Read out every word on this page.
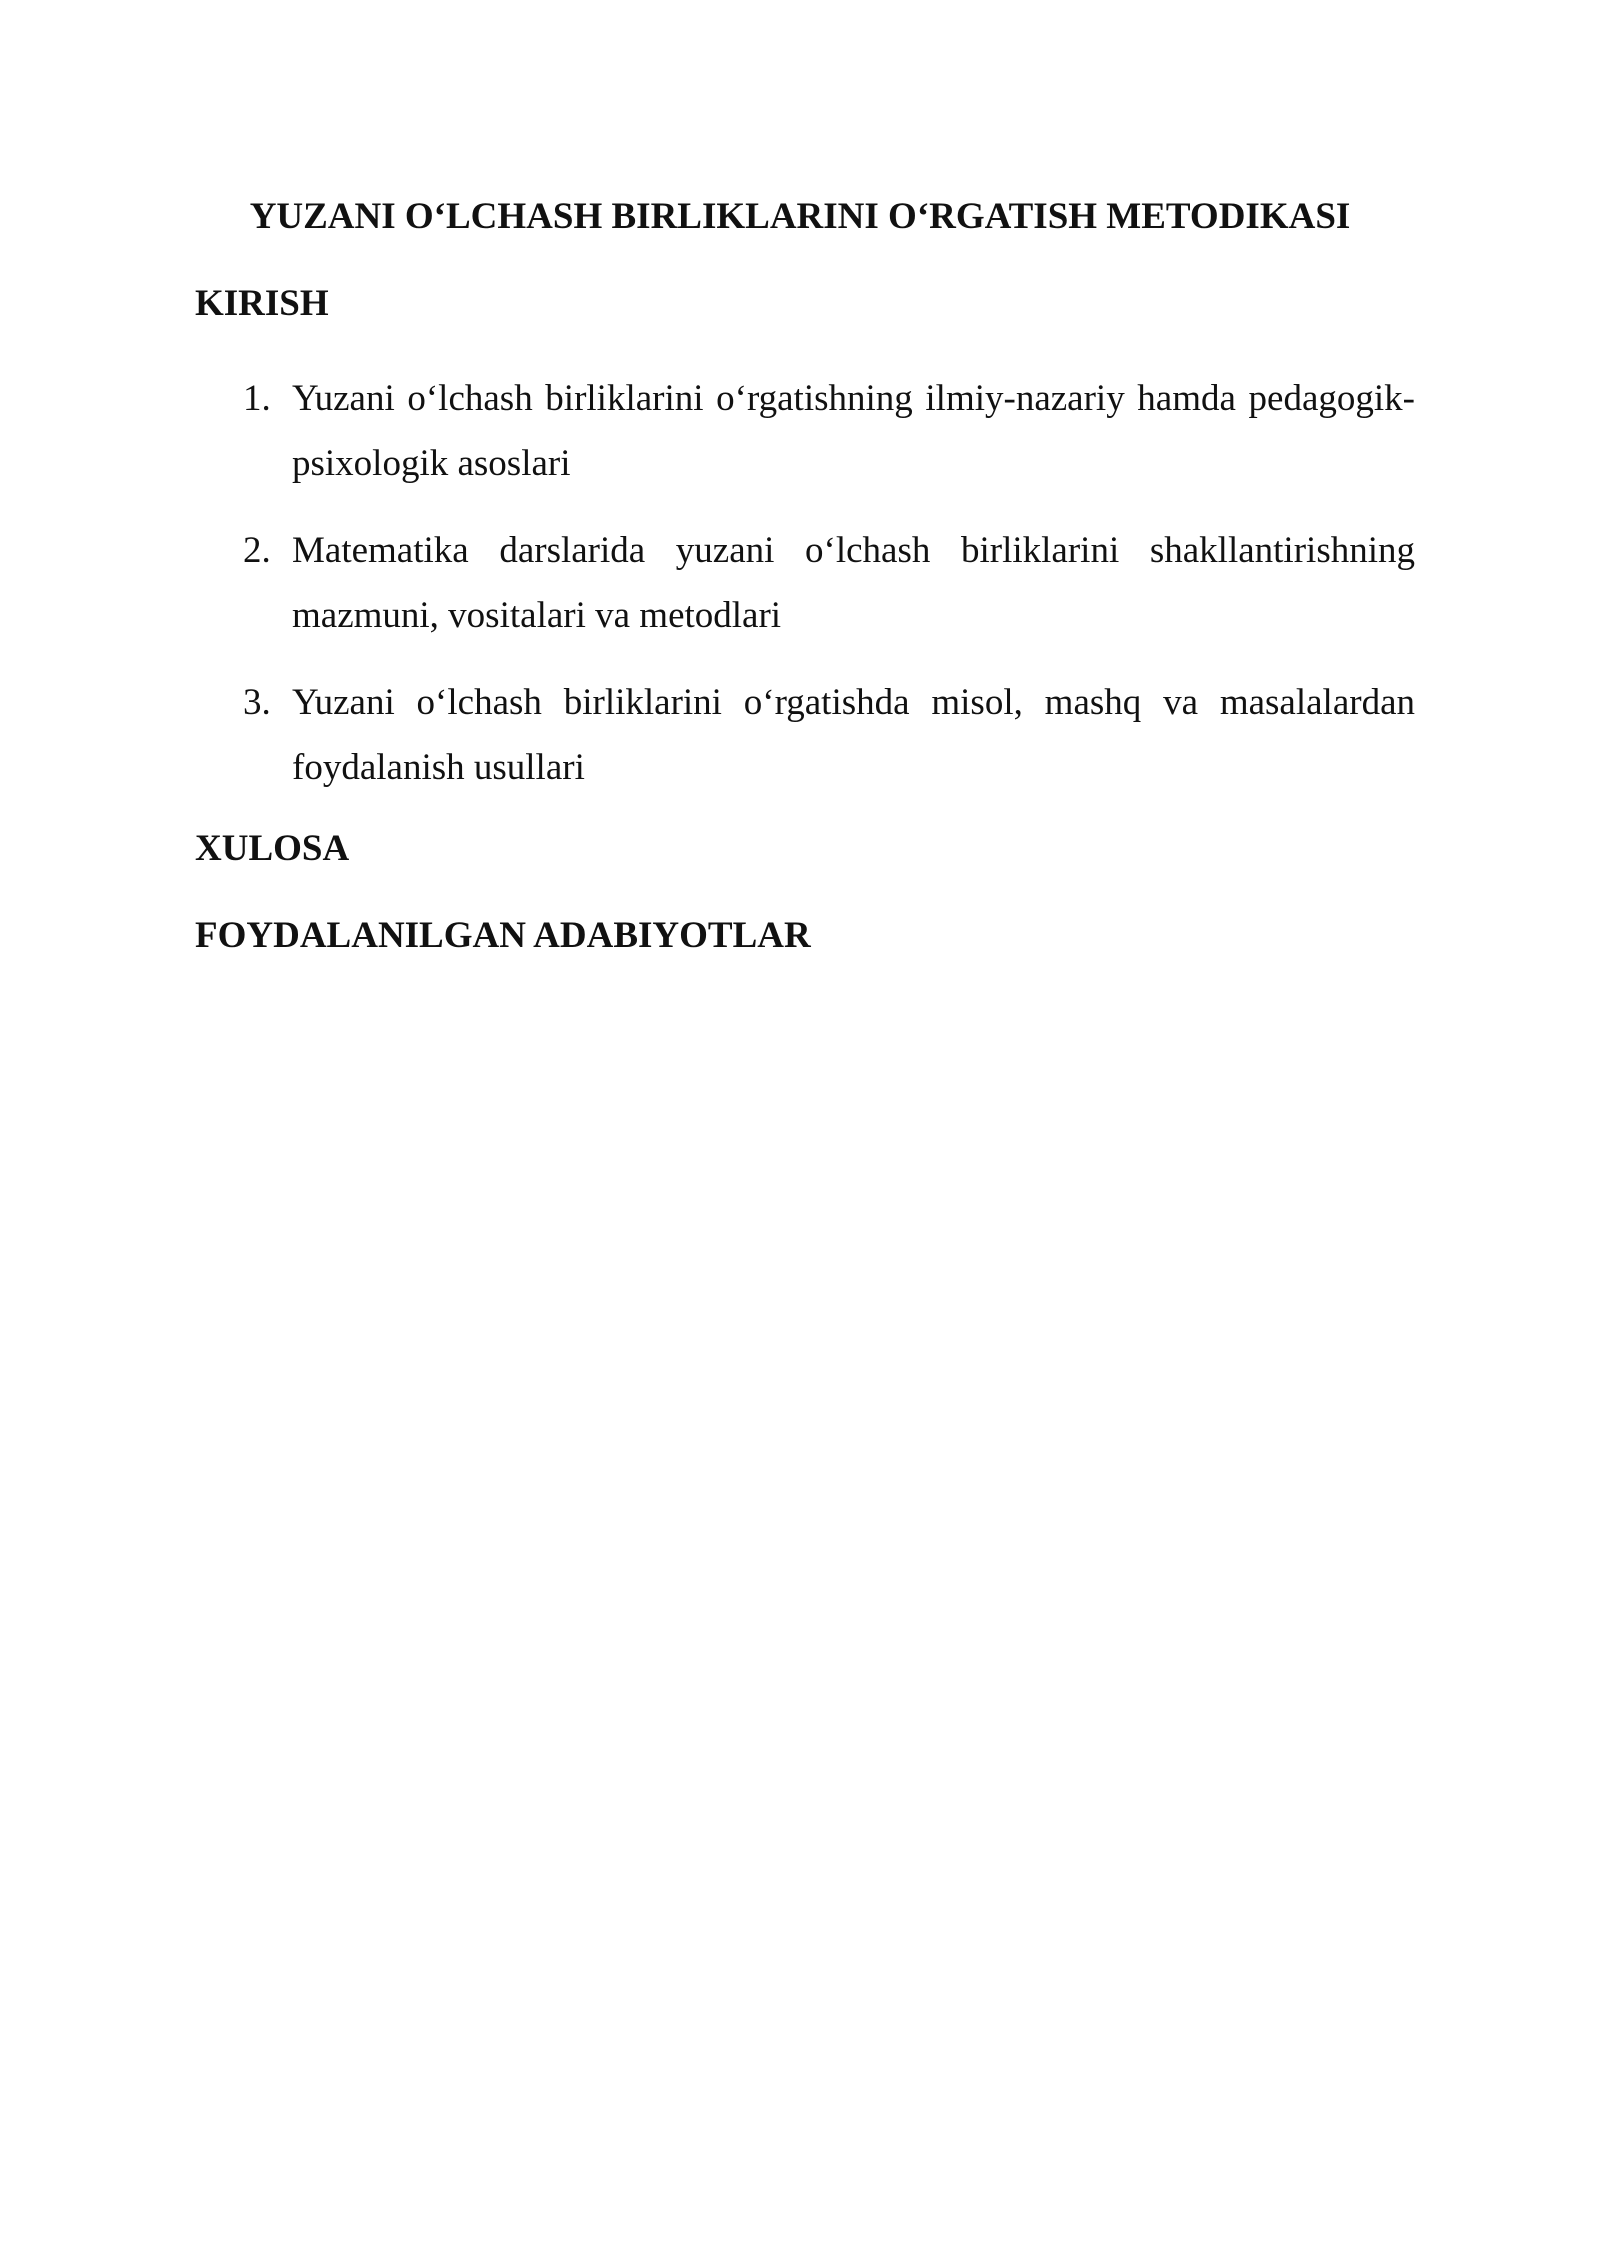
YUZANI O‘LCHASH BIRLIKLARINI O‘RGATISH METODIKASI
KIRISH
1. Yuzani o‘lchash birliklarini o‘rgatishning ilmiy-nazariy hamda pedagogik-psixologik asoslari
2. Matematika darslarida yuzani o‘lchash birliklarini shakllantirishning mazmuni, vositalari va metodlari
3. Yuzani o‘lchash birliklarini o‘rgatishda misol, mashq va masalalardan foydalanish usullari
XULOSA
FOYDALANILGAN ADABIYOTLAR
